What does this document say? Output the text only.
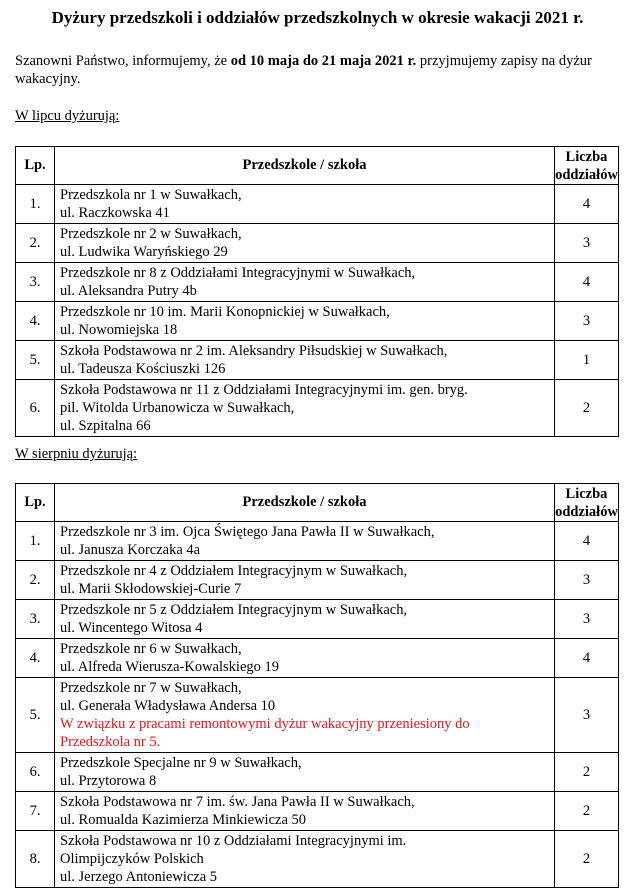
Dyżury przedszkoli i oddziałów przedszkolnych w okresie wakacji 2021 r.
Szanowni Państwo, informujemy, że od 10 maja do 21 maja 2021 r. przyjmujemy zapisy na dyżur wakacyjny.
W lipcu dyżurują:
Lp.	Przedszkole / szkoła	Liczba
oddziałów

1.	Przedszkola nr 1 w Suwałkach,
ul. Raczkowska 41	4
2.	Przedszkole nr 2 w Suwałkach,
ul. Ludwika Waryńskiego 29	3
3.	Przedszkole nr 8 z Oddziałami Integracyjnymi w Suwałkach,
ul. Aleksandra Putry 4b	4
4.	Przedszkole nr 10 im. Marii Konopnickiej w Suwałkach,
ul. Nowomiejska 18	3
5.	Szkoła Podstawowa nr 2 im. Aleksandry Piłsudskiej w Suwałkach,
ul. Tadeusza Kościuszki 126	1
6.	Szkoła Podstawowa nr 11 z Oddziałami Integracyjnymi im. gen. bryg.
pil. Witolda Urbanowicza w Suwałkach,
ul. Szpitalna 66	2
W sierpniu dyżurują:
Lp.	Przedszkole / szkoła	Liczba
oddziałów

1.	Przedszkole nr 3 im. Ojca Świętego Jana Pawła II w Suwałkach,
ul. Janusza Korczaka 4a	4
2.	Przedszkole nr 4 z Oddziałem Integracyjnym w Suwałkach,
ul. Marii Skłodowskiej-Curie 7	3
3.	Przedszkole nr 5 z Oddziałem Integracyjnym w Suwałkach,
ul. Wincentego Witosa 4	3
4.	Przedszkole nr 6 w Suwałkach,
ul. Alfreda Wierusza-Kowalskiego 19	4
5.	Przedszkole nr 7 w Suwałkach,
ul. Generała Władysława Andersa 10
W związku z pracami remontowymi dyżur wakacyjny przeniesiony do
Przedszkola nr 5.	3
6.	Przedszkole Specjalne nr 9 w Suwałkach,
ul. Przytorowa 8	2
7.	Szkoła Podstawowa nr 7 im. św. Jana Pawła II w Suwałkach,
ul. Romualda Kazimierza Minkiewicza 50	2
8.	Szkoła Podstawowa nr 10 z Oddziałami Integracyjnymi im.
Olimpijczyków Polskich
ul. Jerzego Antoniewicza 5	2
